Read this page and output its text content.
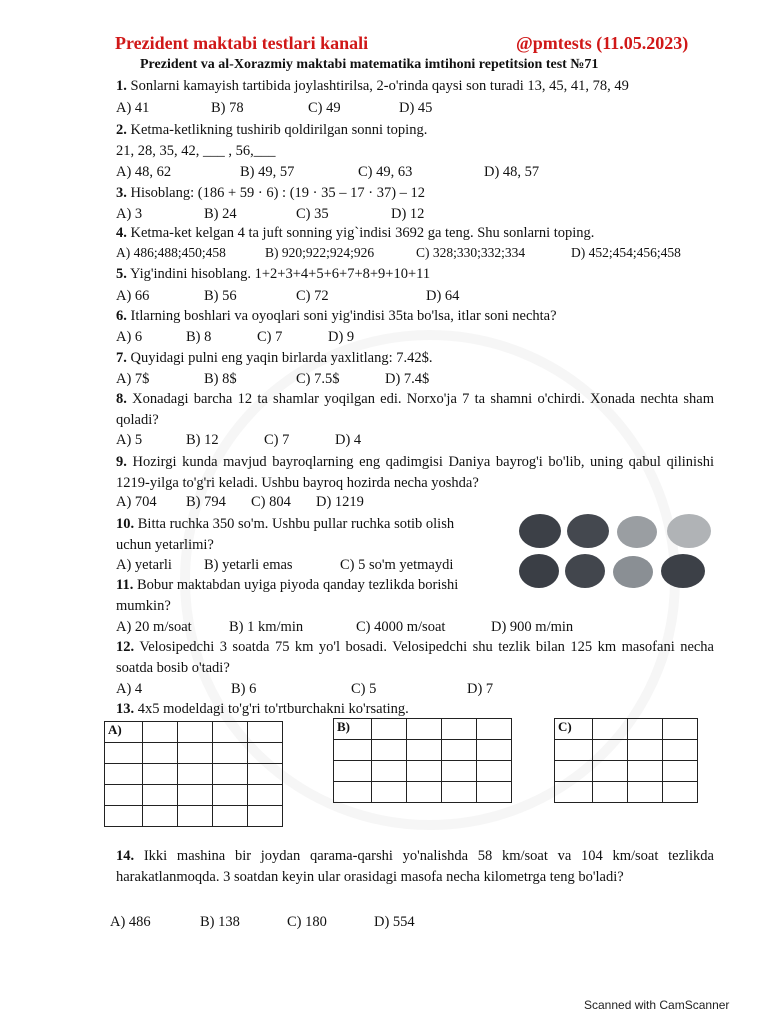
Prezident maktabi testlari kanali	@pmtests (11.05.2023)
Prezident va al-Xorazmiy maktabi matematika imtihoni repetitsion test №71
1. Sonlarni kamayish tartibida joylashtirilsa, 2-o'rinda qaysi son turadi 13, 45, 41, 78, 49
A) 41	B) 78	C) 49	D) 45
2. Ketma-ketlikning tushirib qoldirilgan sonni toping.
21, 28, 35, 42, ___ , 56,___
A) 48, 62	B) 49, 57	C) 49, 63	D) 48, 57
3. Hisoblang: (186 + 59 · 6) : (19 · 35 – 17 · 37) – 12
A) 3	B) 24	C) 35	D) 12
4. Ketma-ket kelgan 4 ta juft sonning yig`indisi 3692 ga teng. Shu sonlarni toping.
A) 486;488;450;458	B) 920;922;924;926	C) 328;330;332;334	D) 452;454;456;458
5. Yig'indini hisoblang. 1+2+3+4+5+6+7+8+9+10+11
A) 66	B) 56	C) 72	D) 64
6. Itlarning boshlari va oyoqlari soni yig'indisi 35ta bo'lsa, itlar soni nechta?
A) 6	B) 8	C) 7	D) 9
7. Quyidagi pulni eng yaqin birlarda yaxlitlang: 7.42$.
A) 7$	B) 8$	C) 7.5$	D) 7.4$
8. Xonadagi barcha 12 ta shamlar yoqilgan edi. Norxo'ja 7 ta shamni o'chirdi. Xonada nechta sham qoladi?
A) 5	B) 12	C) 7	D) 4
9. Hozirgi kunda mavjud bayroqlarning eng qadimgisi Daniya bayrog'i bo'lib, uning qabul qilinishi 1219-yilga to'g'ri keladi. Ushbu bayroq hozirda necha yoshda?
A) 704 B) 794 C) 804 D) 1219
10. Bitta ruchka 350 so'm. Ushbu pullar ruchka sotib olish
uchun yetarlimi?
A) yetarli B) yetarli emas	C) 5 so'm yetmaydi
11. Bobur maktabdan uyiga piyoda qanday tezlikda borishi
mumkin?
A) 20 m/soat	B) 1 km/min	C) 4000 m/soat	D) 900 m/min
12. Velosipedchi 3 soatda 75 km yo'l bosadi. Velosipedchi shu tezlik bilan 125 km masofani necha soatda bosib o'tadi?
A) 4	B) 6	C) 5	D) 7
13. 4x5 modeldagi to'g'ri to'rtburchakni ko'rsating.
A)				

					B)				

					C)			

14. Ikki mashina bir joydan qarama-qarshi yo'nalishda 58 km/soat va 104 km/soat tezlikda harakatlanmoqda. 3 soatdan keyin ular orasidagi masofa necha kilometrga teng bo'ladi?
A) 486	B) 138	C) 180	D) 554
Scanned with CamScanner
